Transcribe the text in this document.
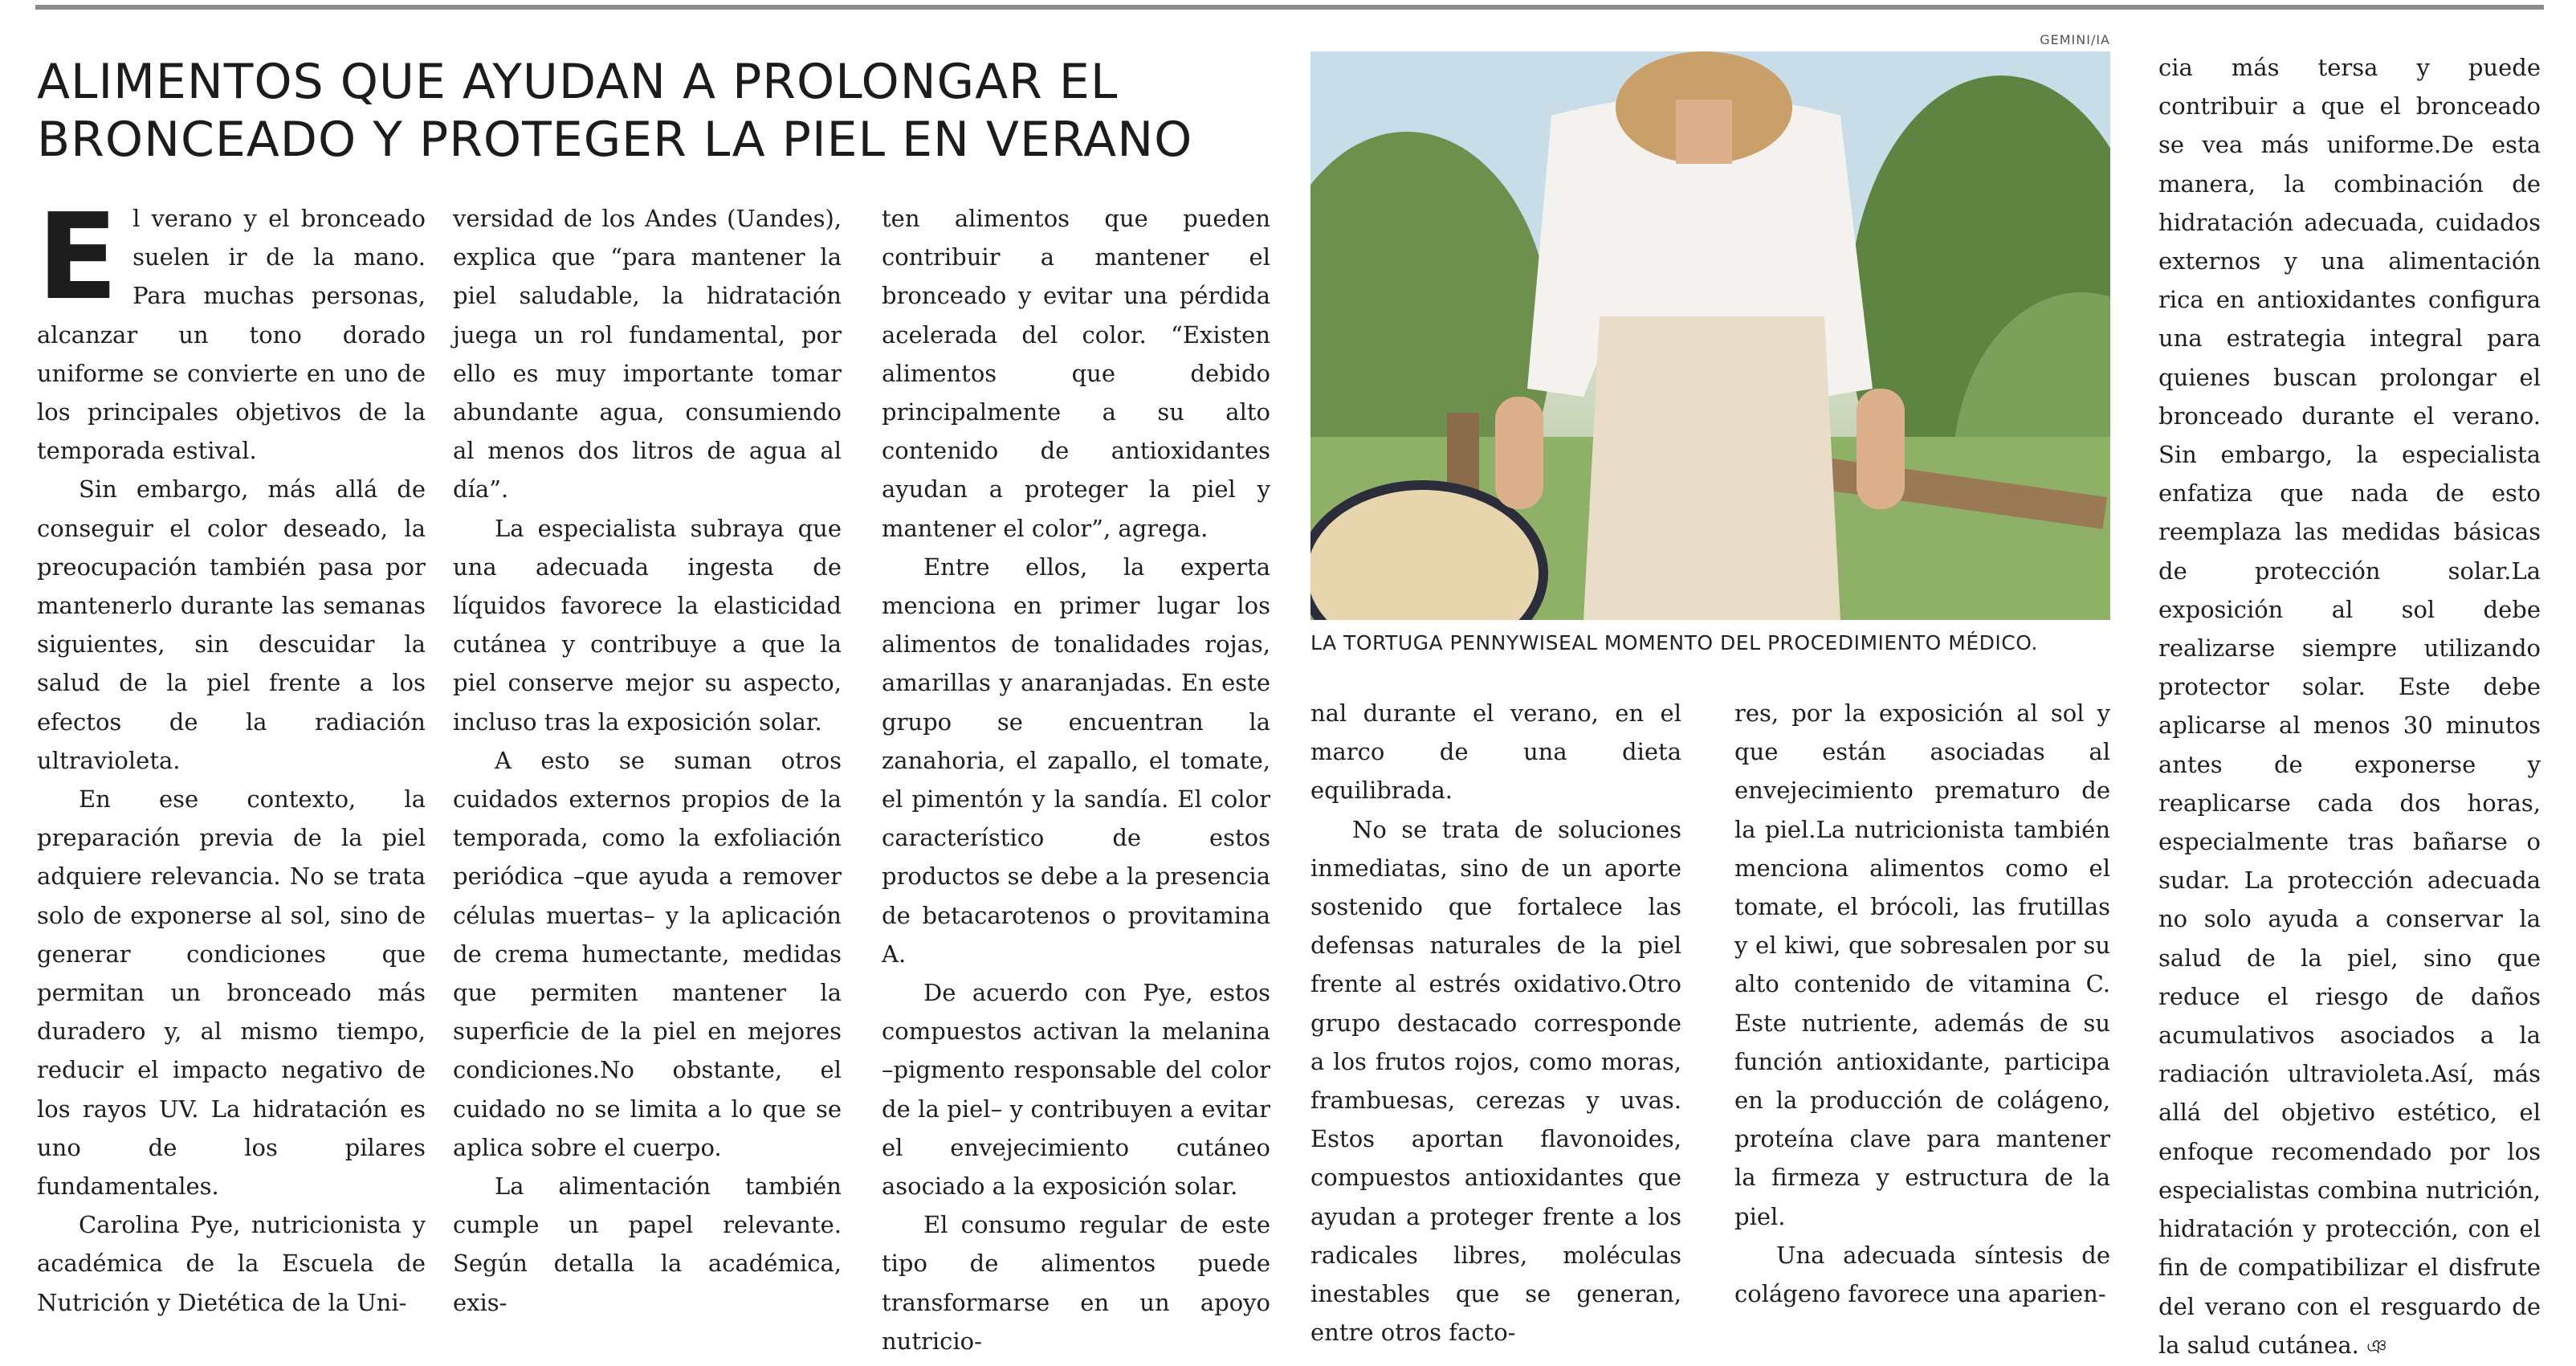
ALIMENTOS QUE AYUDAN A PROLONGAR EL BRONCEADO Y PROTEGER LA PIEL EN VERANO

El verano y el bronceado suelen ir de la mano. Para muchas personas, alcanzar un tono dorado uniforme se convierte en uno de los principales objetivos de la temporada estival.

Sin embargo, más allá de conseguir el color deseado, la preocupación también pasa por mantenerlo durante las semanas siguientes, sin descuidar la salud de la piel frente a los efectos de la radiación ultravioleta.

En ese contexto, la preparación previa de la piel adquiere relevancia. No se trata solo de exponerse al sol, sino de generar condiciones que permitan un bronceado más duradero y, al mismo tiempo, reducir el impacto negativo de los rayos UV. La hidratación es uno de los pilares fundamentales.

Carolina Pye, nutricionista y académica de la Escuela de Nutrición y Dietética de la Uni-

versidad de los Andes (Uandes), explica que “para mantener la piel saludable, la hidratación juega un rol fundamental, por ello es muy importante tomar abundante agua, consumiendo al menos dos litros de agua al día”.

La especialista subraya que una adecuada ingesta de líquidos favorece la elasticidad cutánea y contribuye a que la piel conserve mejor su aspecto, incluso tras la exposición solar.

A esto se suman otros cuidados externos propios de la temporada, como la exfoliación periódica –que ayuda a remover células muertas– y la aplicación de crema humectante, medidas que permiten mantener la superficie de la piel en mejores condiciones.No obstante, el cuidado no se limita a lo que se aplica sobre el cuerpo.

La alimentación también cumple un papel relevante. Según detalla la académica, exis-

ten alimentos que pueden contribuir a mantener el bronceado y evitar una pérdida acelerada del color. “Existen alimentos que debido principalmente a su alto contenido de antioxidantes ayudan a proteger la piel y mantener el color”, agrega.

Entre ellos, la experta menciona en primer lugar los alimentos de tonalidades rojas, amarillas y anaranjadas. En este grupo se encuentran la zanahoria, el zapallo, el tomate, el pimentón y la sandía. El color característico de estos productos se debe a la presencia de betacarotenos o provitamina A.

De acuerdo con Pye, estos compuestos activan la melanina –pigmento responsable del color de la piel– y contribuyen a evitar el envejecimiento cutáneo asociado a la exposición solar.

El consumo regular de este tipo de alimentos puede transformarse en un apoyo nutricio-

GEMINI/IA
LA TORTUGA PENNYWISEAL MOMENTO DEL PROCEDIMIENTO MÉDICO.

nal durante el verano, en el marco de una dieta equilibrada.

No se trata de soluciones inmediatas, sino de un aporte sostenido que fortalece las defensas naturales de la piel frente al estrés oxidativo.Otro grupo destacado corresponde a los frutos rojos, como moras, frambuesas, cerezas y uvas. Estos aportan flavonoides, compuestos antioxidantes que ayudan a proteger frente a los radicales libres, moléculas inestables que se generan, entre otros facto-

res, por la exposición al sol y que están asociadas al envejecimiento prematuro de la piel.La nutricionista también menciona alimentos como el tomate, el brócoli, las frutillas y el kiwi, que sobresalen por su alto contenido de vitamina C. Este nutriente, además de su función antioxidante, participa en la producción de colágeno, proteína clave para mantener la firmeza y estructura de la piel.

Una adecuada síntesis de colágeno favorece una aparien-

cia más tersa y puede contribuir a que el bronceado se vea más uniforme.De esta manera, la combinación de hidratación adecuada, cuidados externos y una alimentación rica en antioxidantes configura una estrategia integral para quienes buscan prolongar el bronceado durante el verano. Sin embargo, la especialista enfatiza que nada de esto reemplaza las medidas básicas de protección solar.La exposición al sol debe realizarse siempre utilizando protector solar. Este debe aplicarse al menos 30 minutos antes de exponerse y reaplicarse cada dos horas, especialmente tras bañarse o sudar. La protección adecuada no solo ayuda a conservar la salud de la piel, sino que reduce el riesgo de daños acumulativos asociados a la radiación ultravioleta.Así, más allá del objetivo estético, el enfoque recomendado por los especialistas combina nutrición, hidratación y protección, con el fin de compatibilizar el disfrute del verano con el resguardo de la salud cutánea. ঞ
